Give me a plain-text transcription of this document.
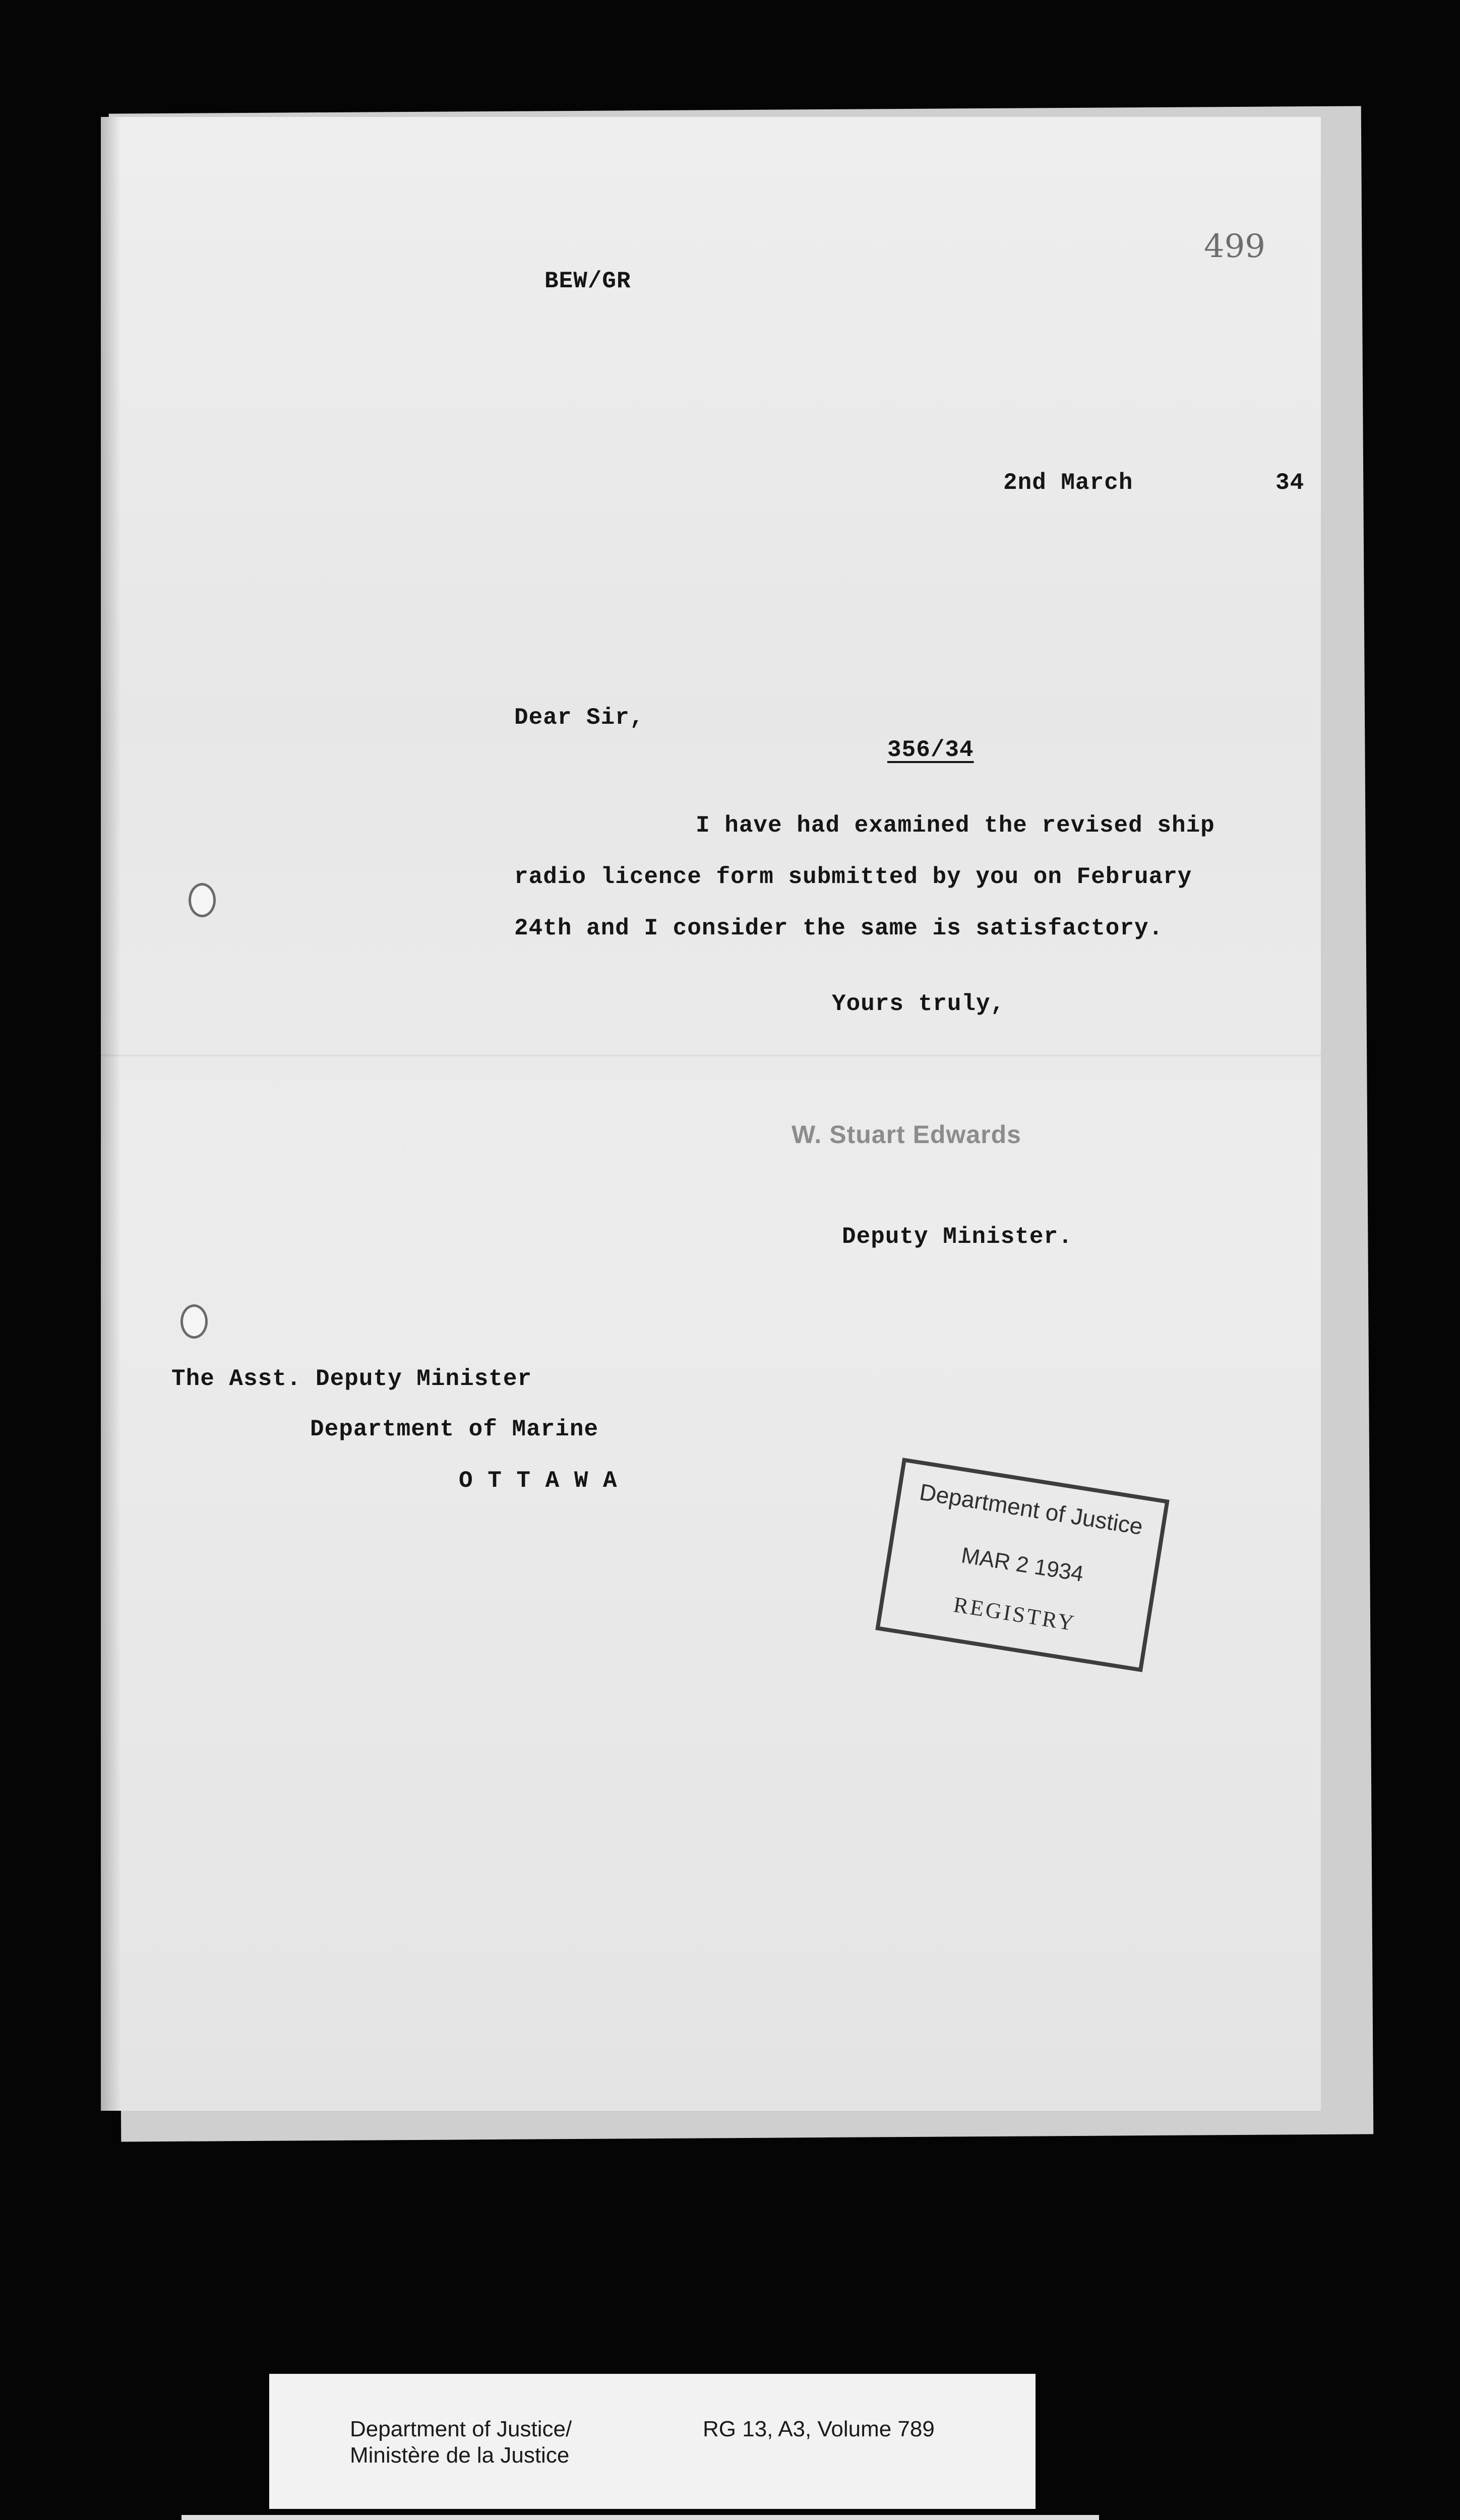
499
BEW/GR
2nd March	34
Dear Sir,
356/34
I have had examined the revised ship
radio licence form submitted by you on February
24th and I consider the same is satisfactory.
Yours truly,
W. Stuart Edwards
Deputy Minister.
The Asst. Deputy Minister
Department of Marine
O T T A W A	Department of Justice
MAR 2 1934
REGISTRY
Department of Justice/
Ministère de la Justice
RG 13, A3, Volume 789
